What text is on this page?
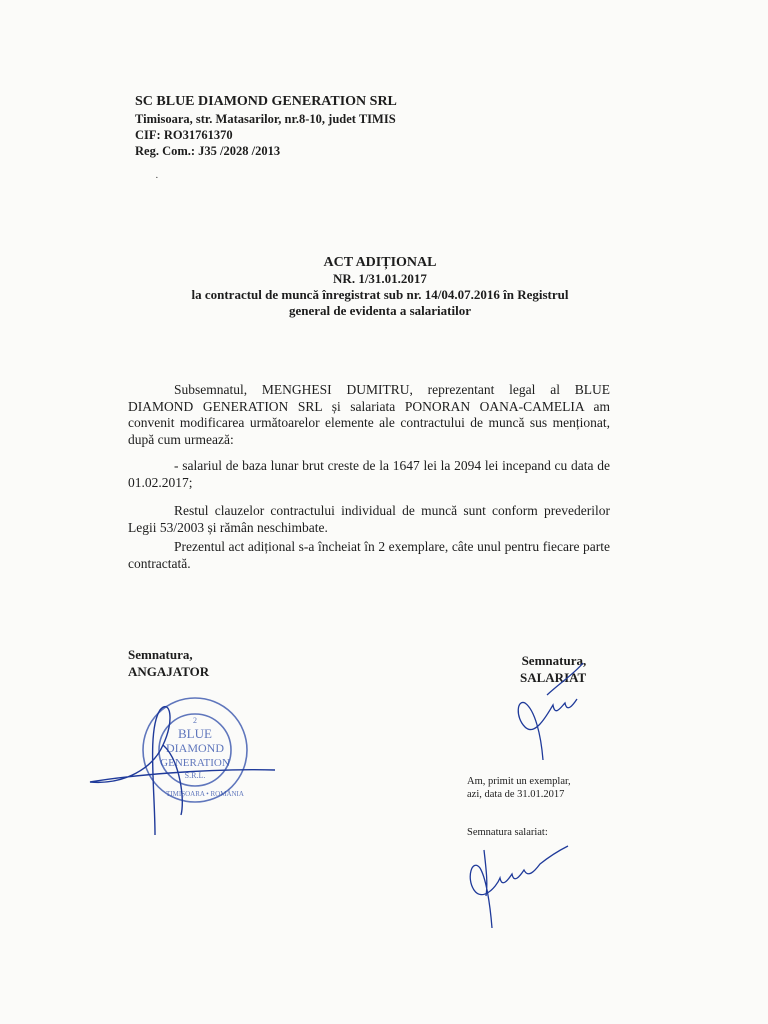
SC BLUE DIAMOND GENERATION SRL
Timisoara, str. Matasarilor, nr.8-10, judet TIMIS
CIF: RO31761370
Reg. Com.: J35 /2028 /2013
·
ACT ADIȚIONAL
NR. 1/31.01.2017
la contractul de muncă înregistrat sub nr. 14/04.07.2016 în Registrul
general de evidenta a salariatilor
Subsemnatul, MENGHESI DUMITRU, reprezentant legal al BLUE DIAMOND GENERATION SRL și salariata PONORAN OANA-CAMELIA am convenit modificarea următoarelor elemente ale contractului de muncă sus menționat, după cum urmează:
- salariul de baza lunar brut creste de la 1647 lei la 2094 lei incepand cu data de 01.02.2017;
Restul clauzelor contractului individual de muncă sunt conform prevederilor Legii 53/2003 și rămân neschimbate.
Prezentul act adițional s-a încheiat în 2 exemplare, câte unul pentru fiecare parte contractată.
Semnatura,
ANGAJATOR
Semnatura,
SALARIAT
2
BLUE
DIAMOND
GENERATION
S.R.L.
TIMIȘOARA • ROMÂNIA
Am, primit un exemplar,
azi, data de 31.01.2017
Semnatura salariat:
